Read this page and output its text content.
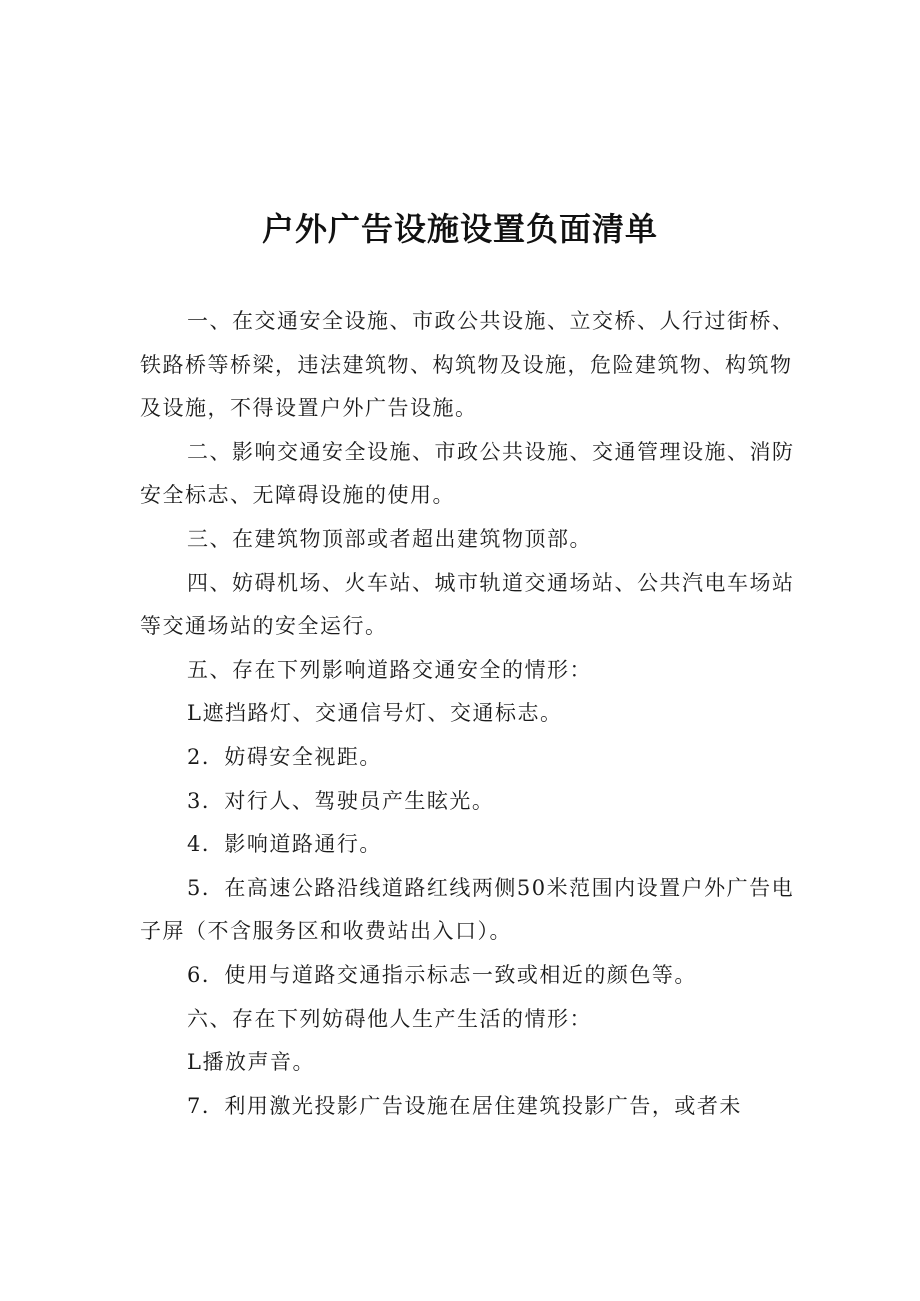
户外广告设施设置负面清单

一、在交通安全设施、市政公共设施、立交桥、人行过街桥、铁路桥等桥梁，违法建筑物、构筑物及设施，危险建筑物、构筑物及设施，不得设置户外广告设施。

二、影响交通安全设施、市政公共设施、交通管理设施、消防安全标志、无障碍设施的使用。

三、在建筑物顶部或者超出建筑物顶部。

四、妨碍机场、火车站、城市轨道交通场站、公共汽电车场站等交通场站的安全运行。

五、存在下列影响道路交通安全的情形：

L遮挡路灯、交通信号灯、交通标志。

2．妨碍安全视距。

3．对行人、驾驶员产生眩光。

4．影响道路通行。

5．在高速公路沿线道路红线两侧50米范围内设置户外广告电子屏（不含服务区和收费站出入口）。

6．使用与道路交通指示标志一致或相近的颜色等。

六、存在下列妨碍他人生产生活的情形：

L播放声音。

7．利用激光投影广告设施在居住建筑投影广告，或者未
